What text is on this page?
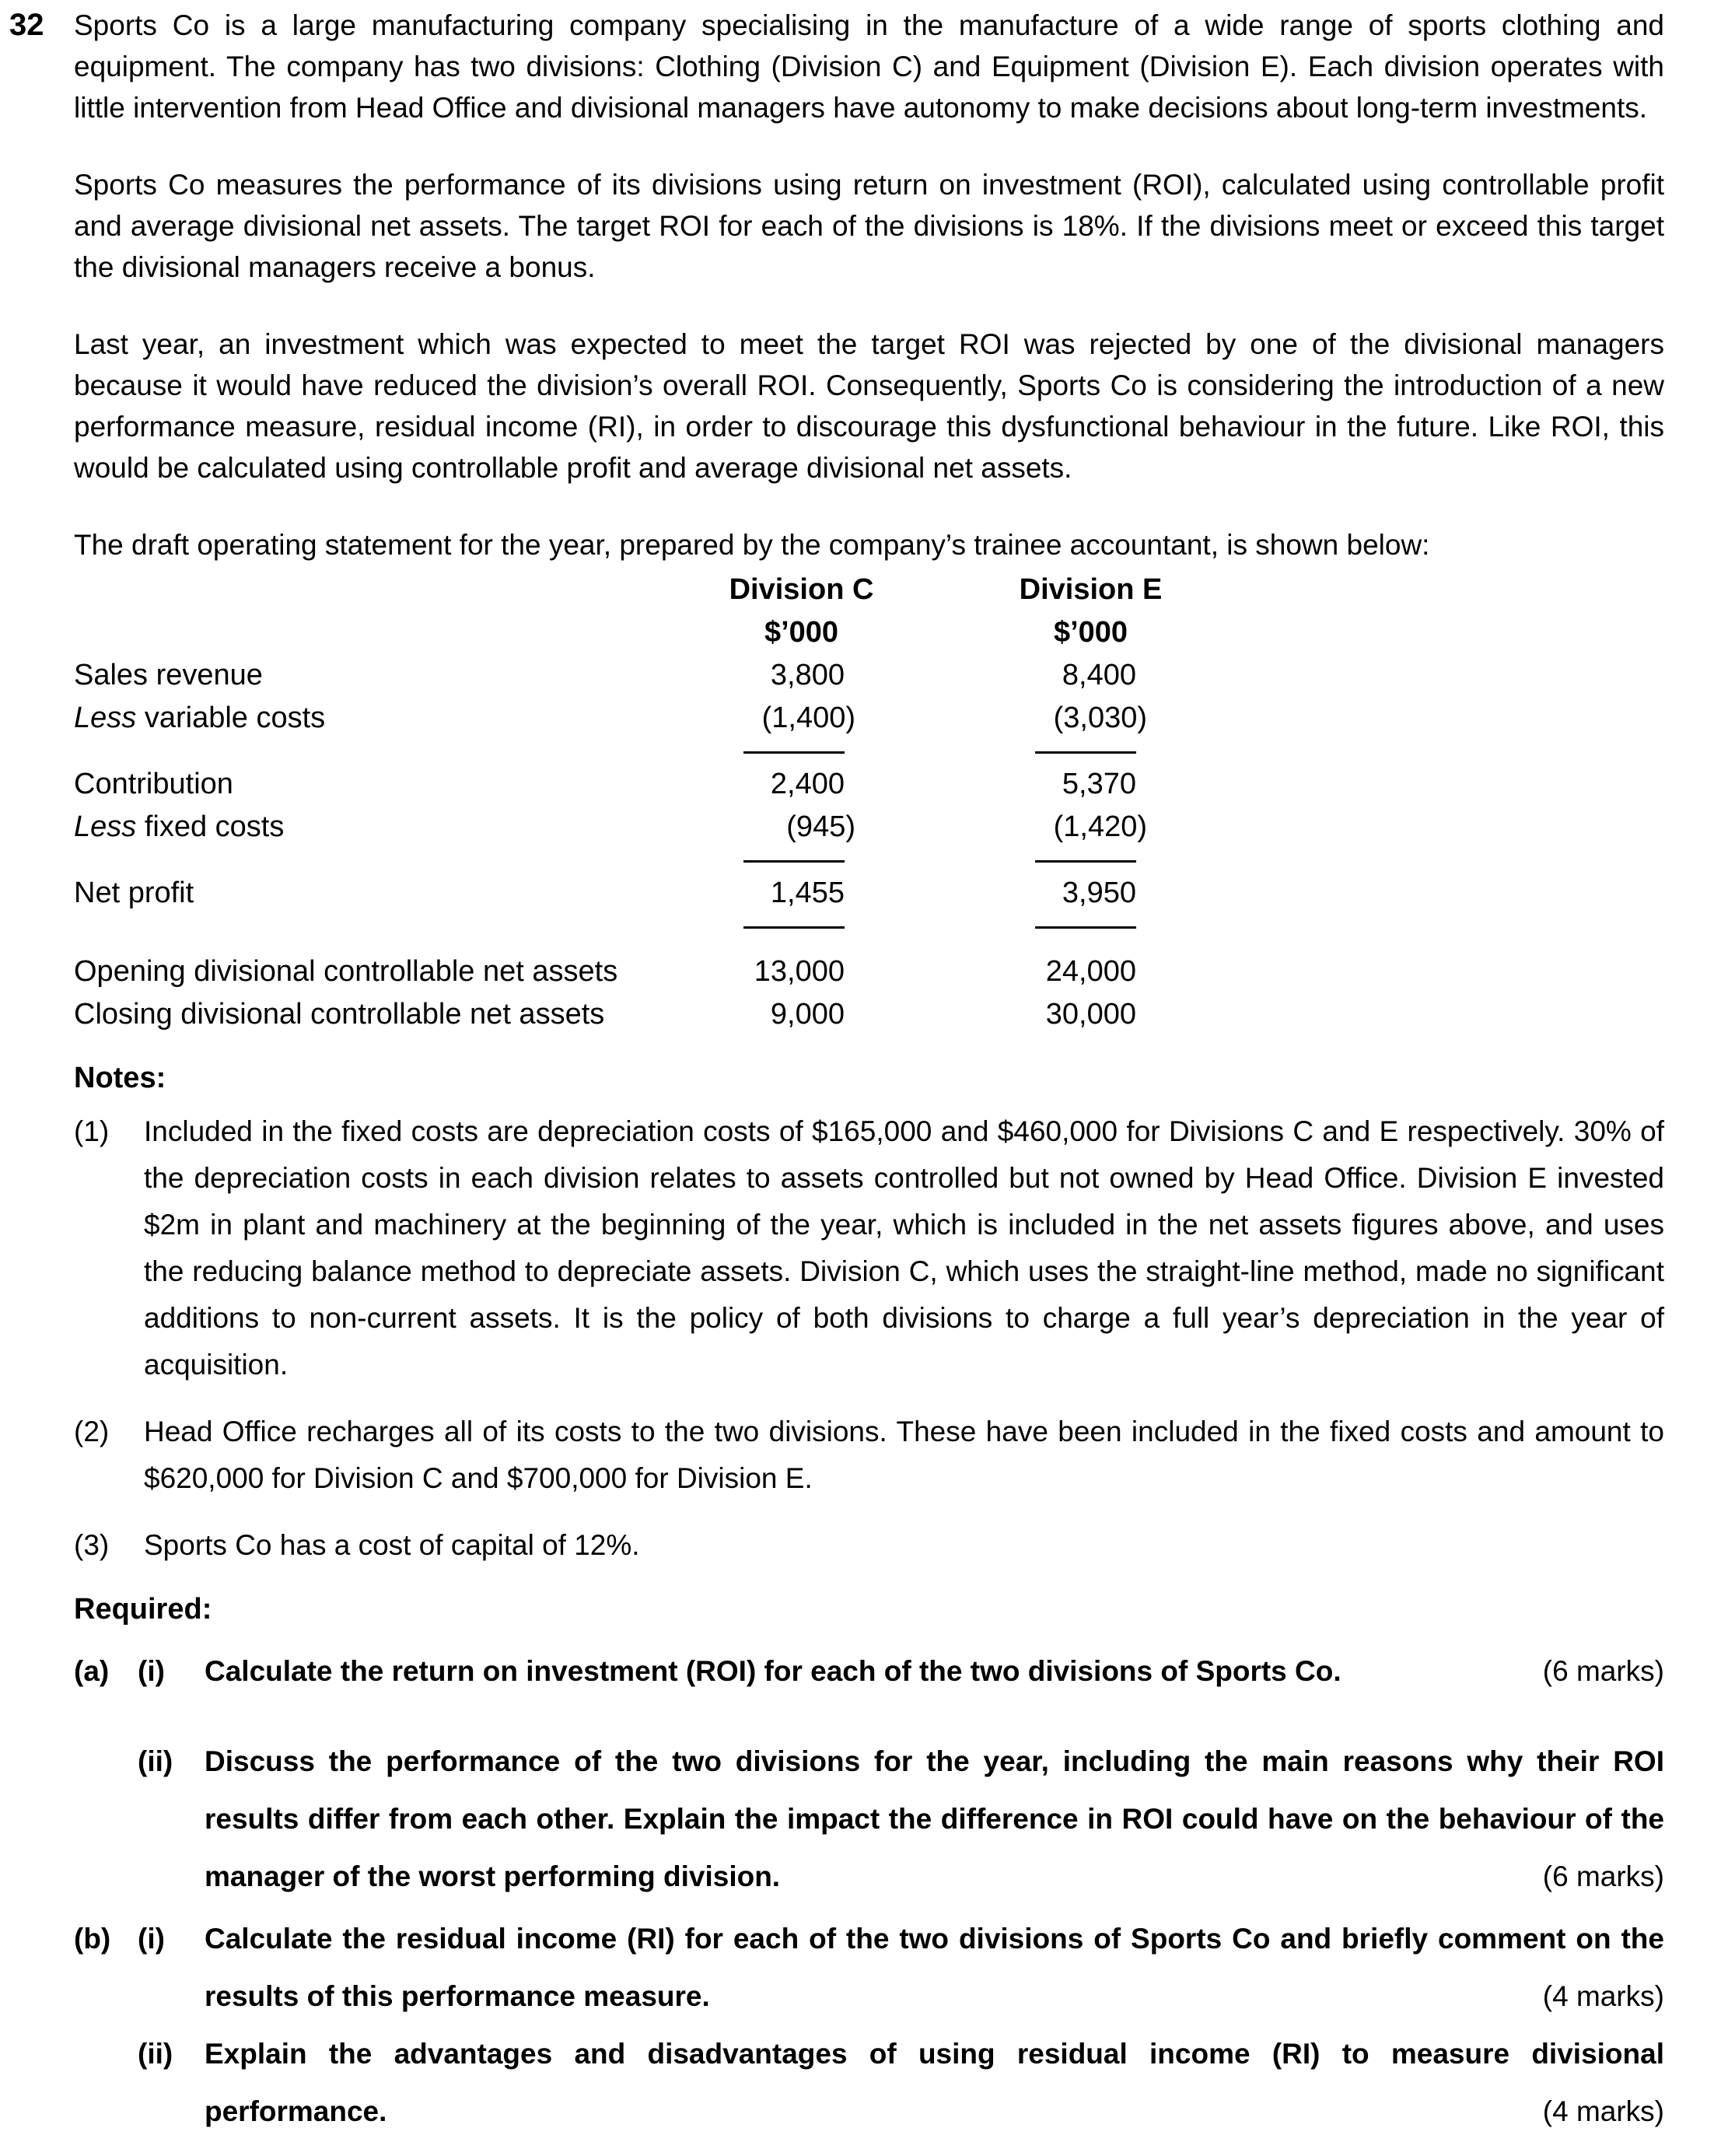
32 Sports Co is a large manufacturing company specialising in the manufacture of a wide range of sports clothing and equipment. The company has two divisions: Clothing (Division C) and Equipment (Division E). Each division operates with little intervention from Head Office and divisional managers have autonomy to make decisions about long-term investments.

Sports Co measures the performance of its divisions using return on investment (ROI), calculated using controllable profit and average divisional net assets. The target ROI for each of the divisions is 18%. If the divisions meet or exceed this target the divisional managers receive a bonus.

Last year, an investment which was expected to meet the target ROI was rejected by one of the divisional managers because it would have reduced the division’s overall ROI. Consequently, Sports Co is considering the introduction of a new performance measure, residual income (RI), in order to discourage this dysfunctional behaviour in the future. Like ROI, this would be calculated using controllable profit and average divisional net assets.

The draft operating statement for the year, prepared by the company’s trainee accountant, is shown below:

Division C	Division E
$’000	$’000
Sales revenue	3,800	8,400
Less variable costs	(1,400)	(3,030)
Contribution	2,400	5,370
Less fixed costs	(945)	(1,420)
Net profit	1,455	3,950
Opening divisional controllable net assets	13,000	24,000
Closing divisional controllable net assets	9,000	30,000
Notes:
(1)	Included in the fixed costs are depreciation costs of $165,000 and $460,000 for Divisions C and E respectively. 30% of the depreciation costs in each division relates to assets controlled but not owned by Head Office. Division E invested $2m in plant and machinery at the beginning of the year, which is included in the net assets figures above, and uses the reducing balance method to depreciate assets. Division C, which uses the straight-line method, made no significant additions to non-current assets. It is the policy of both divisions to charge a full year’s depreciation in the year of acquisition.
(2)	Head Office recharges all of its costs to the two divisions. These have been included in the fixed costs and amount to $620,000 for Division C and $700,000 for Division E.
(3)	Sports Co has a cost of capital of 12%.
Required:
(a) (i)	Calculate the return on investment (ROI) for each of the two divisions of Sports Co.	(6 marks)
(ii)	Discuss the performance of the two divisions for the year, including the main reasons why their ROI results differ from each other. Explain the impact the difference in ROI could have on the behaviour of the manager of the worst performing division.	(6 marks)
(b) (i)	Calculate the residual income (RI) for each of the two divisions of Sports Co and briefly comment on the results of this performance measure.	(4 marks)
(ii)	Explain the advantages and disadvantages of using residual income (RI) to measure divisional performance.	(4 marks)
